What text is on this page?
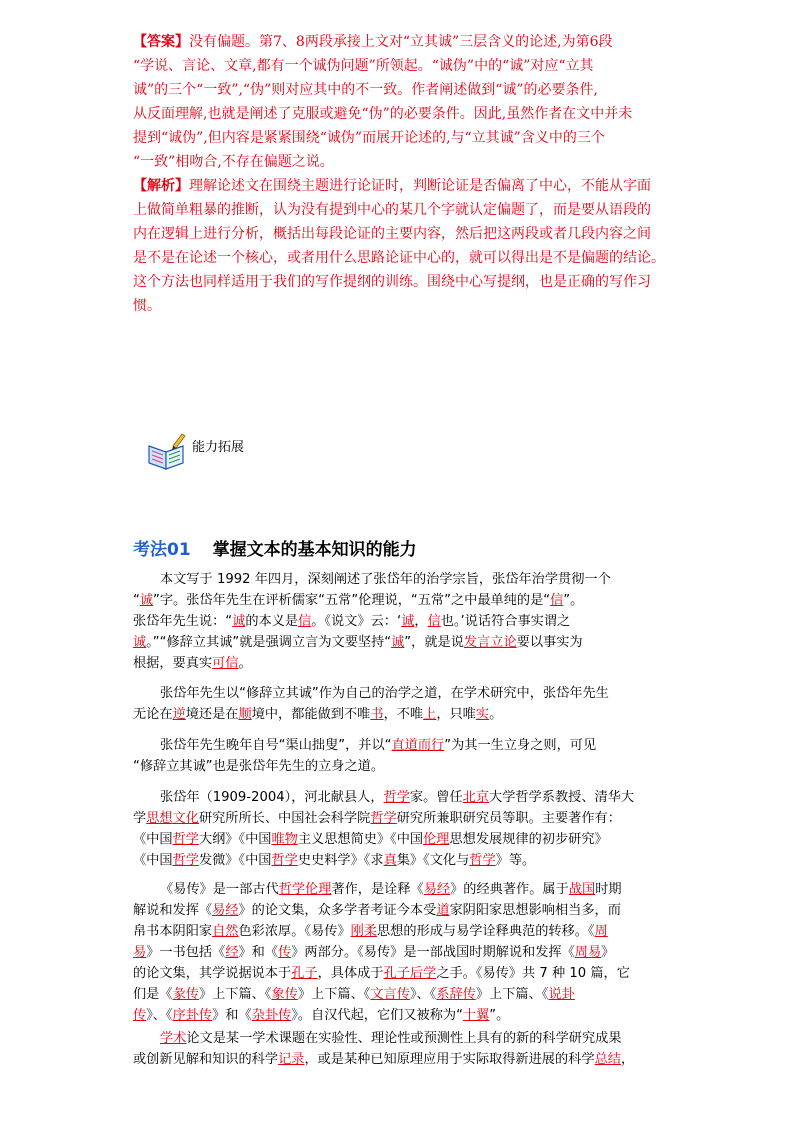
【答案】没有偏题。第7、8两段承接上文对“立其诚”三层含义的论述,为第6段
“学说、言论、文章,都有一个诚伪问题”所领起。“诚伪”中的“诚”对应“立其
诚”的三个“一致”,“伪”则对应其中的不一致。作者阐述做到“诚”的必要条件,
从反面理解,也就是阐述了克服或避免“伪”的必要条件。因此,虽然作者在文中并未
提到“诚伪”,但内容是紧紧围绕“诚伪”而展开论述的,与“立其诚”含义中的三个
“一致”相吻合,不存在偏题之说。
【解析】理解论述文在围绕主题进行论证时，判断论证是否偏离了中心，不能从字面
上做简单粗暴的推断，认为没有提到中心的某几个字就认定偏题了，而是要从语段的
内在逻辑上进行分析，概括出每段论证的主要内容，然后把这两段或者几段内容之间
是不是在论述一个核心，或者用什么思路论证中心的，就可以得出是不是偏题的结论。
这个方法也同样适用于我们的写作提纲的训练。围绕中心写提纲，也是正确的写作习
惯。
能力拓展
考法01 掌握文本的基本知识的能力
本文写于 1992 年四月，深刻阐述了张岱年的治学宗旨，张岱年治学贯彻一个
“诚”字。张岱年先生在评析儒家“五常”伦理说，“五常”之中最单纯的是“信”。
张岱年先生说：“诚的本义是信。《说文》云：‘诚，信也。’说话符合事实谓之
诚。”“修辞立其诚”就是强调立言为文要坚持“诚”，就是说发言立论要以事实为
根据，要真实可信。
张岱年先生以“修辞立其诚”作为自己的治学之道，在学术研究中，张岱年先生
无论在逆境还是在顺境中，都能做到不唯书，不唯上，只唯实。
张岱年先生晚年自号“渠山拙叟”，并以“直道而行”为其一生立身之则，可见
“修辞立其诚”也是张岱年先生的立身之道。
张岱年（1909-2004），河北献县人，哲学家。曾任北京大学哲学系教授、清华大
学思想文化研究所所长、中国社会科学院哲学研究所兼职研究员等职。主要著作有：
《中国哲学大纲》《中国唯物主义思想简史》《中国伦理思想发展规律的初步研究》
《中国哲学发微》《中国哲学史史料学》《求真集》《文化与哲学》等。
《易传》是一部古代哲学伦理著作，是诠释《易经》的经典著作。属于战国时期
解说和发挥《易经》的论文集，众多学者考证今本受道家阴阳家思想影响相当多，而
帛书本阴阳家自然色彩浓厚。《易传》刚柔思想的形成与易学诠释典范的转移。《周
易》一书包括《经》和《传》两部分。《易传》是一部战国时期解说和发挥《周易》
的论文集，其学说据说本于孔子，具体成于孔子后学之手。《易传》共 7 种 10 篇，它
们是《彖传》上下篇、《象传》上下篇、《文言传》、《系辞传》上下篇、《说卦
传》、《序卦传》和《杂卦传》。自汉代起，它们又被称为“十翼”。
学术论文是某一学术课题在实验性、理论性或预测性上具有的新的科学研究成果
或创新见解和知识的科学记录，或是某种已知原理应用于实际取得新进展的科学总结，
